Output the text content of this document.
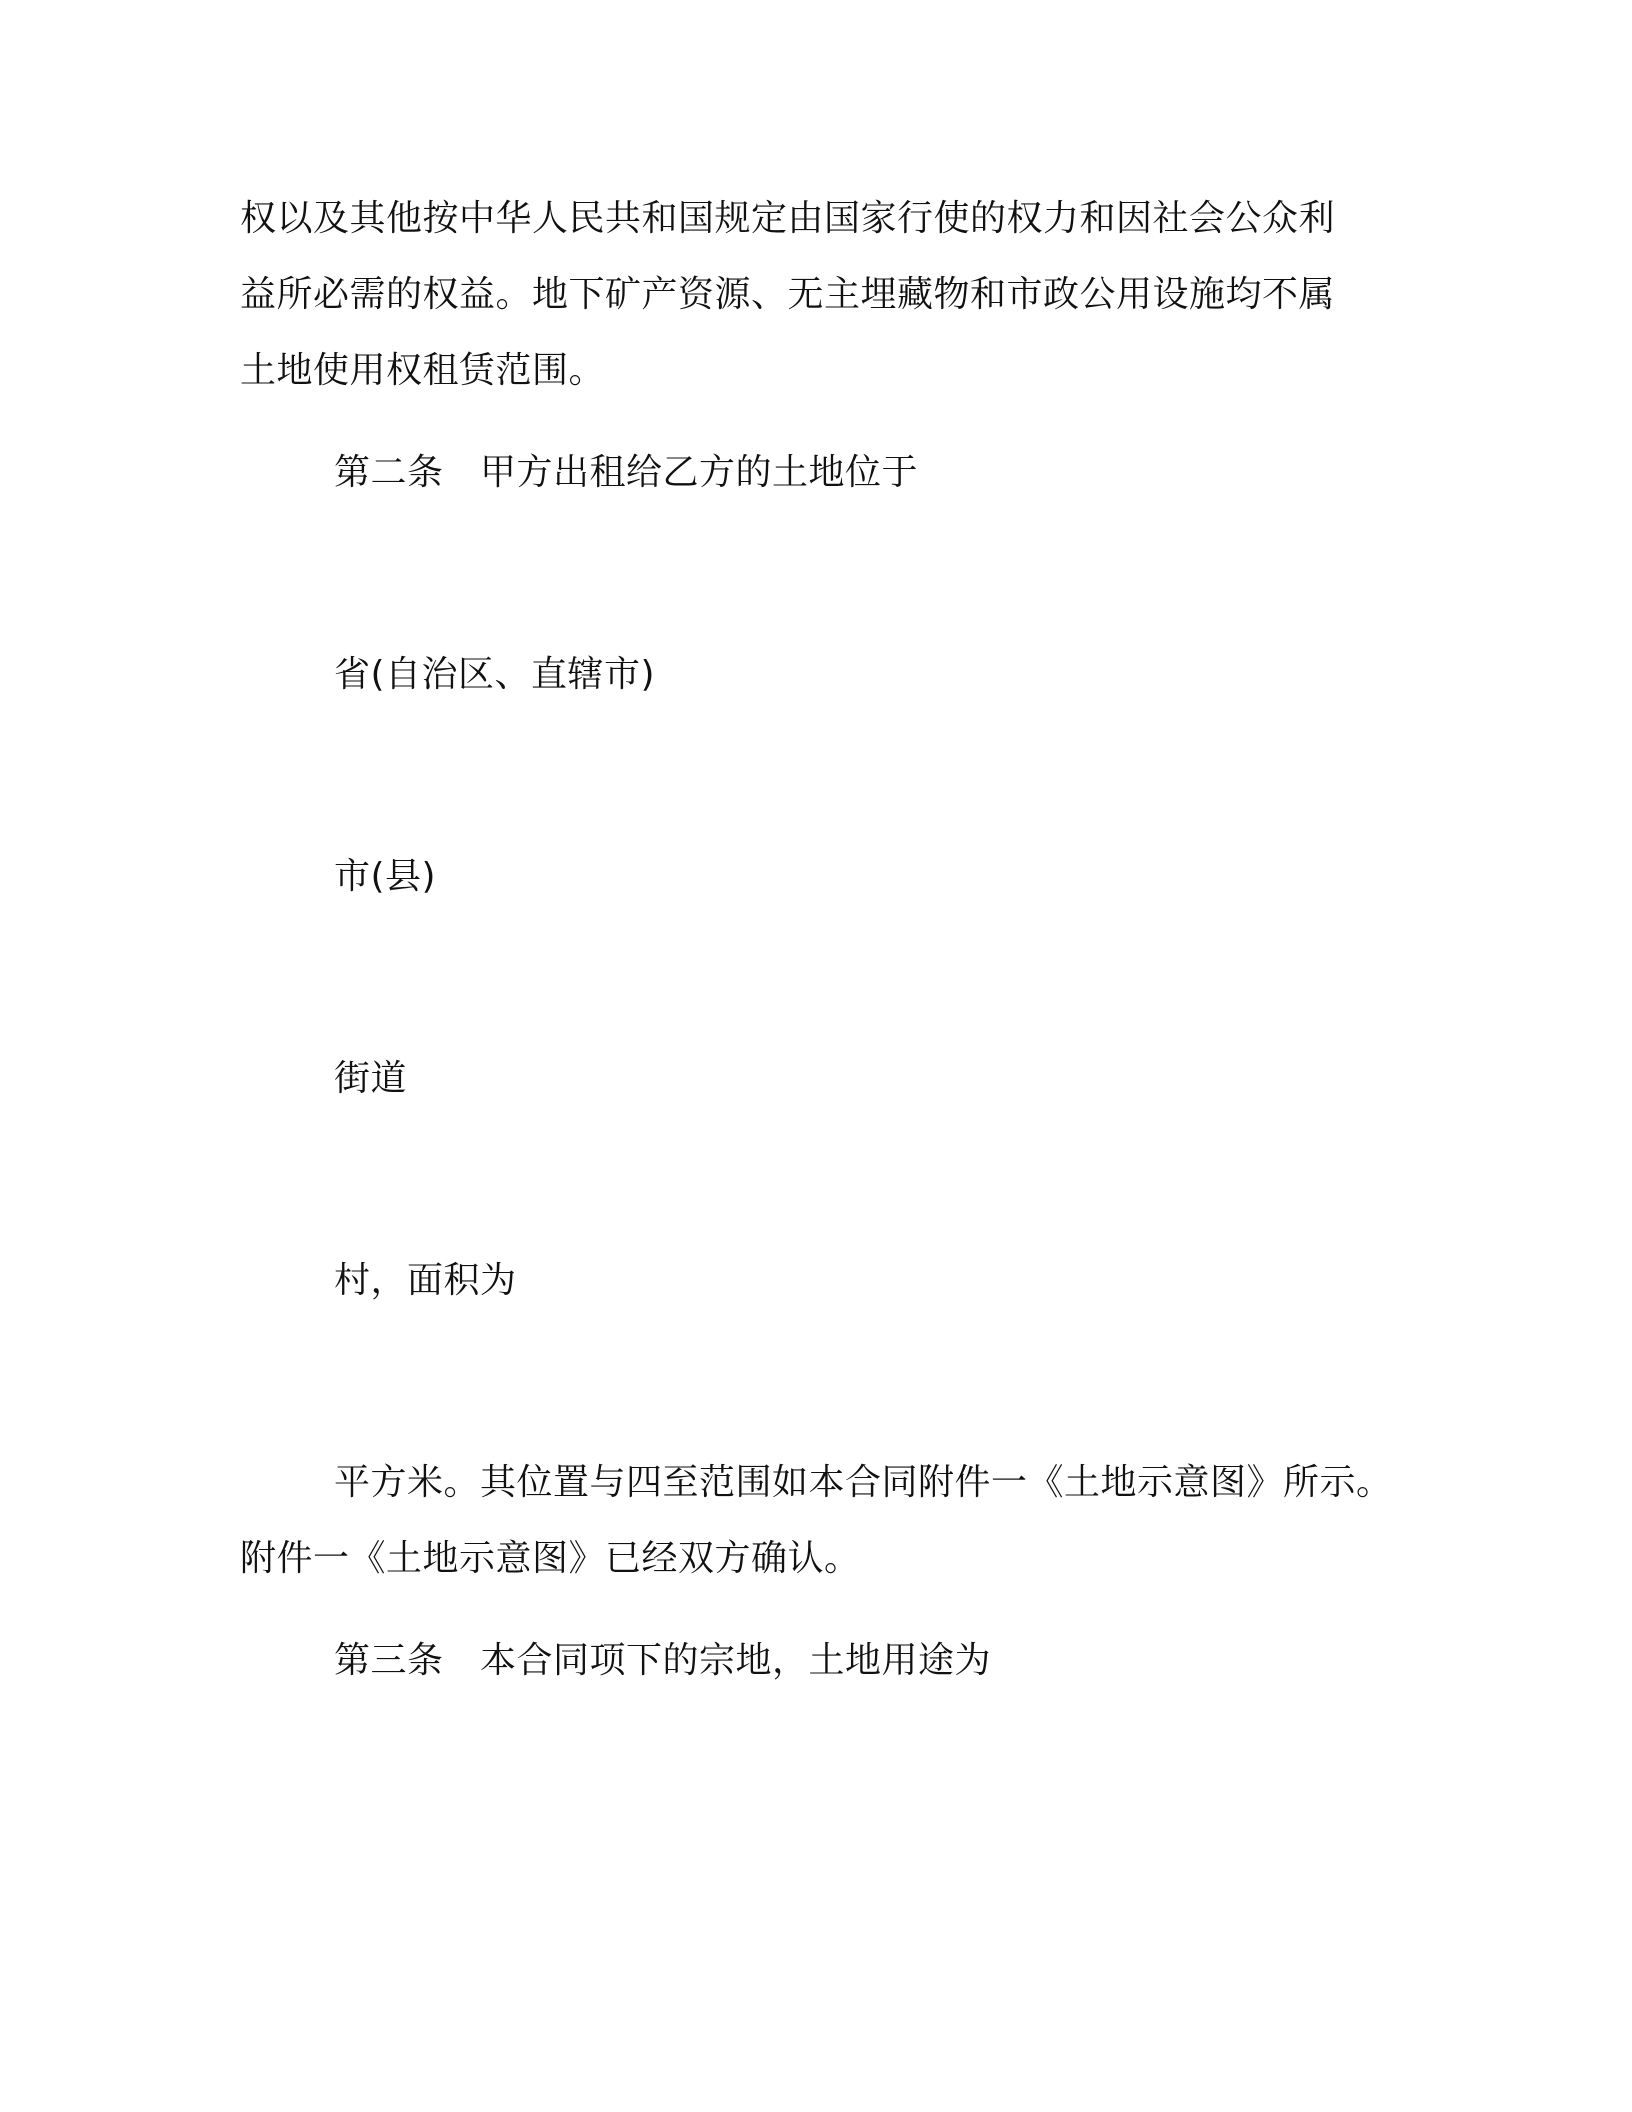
权以及其他按中华人民共和国规定由国家行使的权力和因社会公众利
益所必需的权益。地下矿产资源、无主埋藏物和市政公用设施均不属
土地使用权租赁范围。
第二条　甲方出租给乙方的土地位于
省(自治区、直辖市)
市(县)
街道
村，面积为
平方米。其位置与四至范围如本合同附件一《土地示意图》所示。
附件一《土地示意图》已经双方确认。
第三条　本合同项下的宗地，土地用途为
